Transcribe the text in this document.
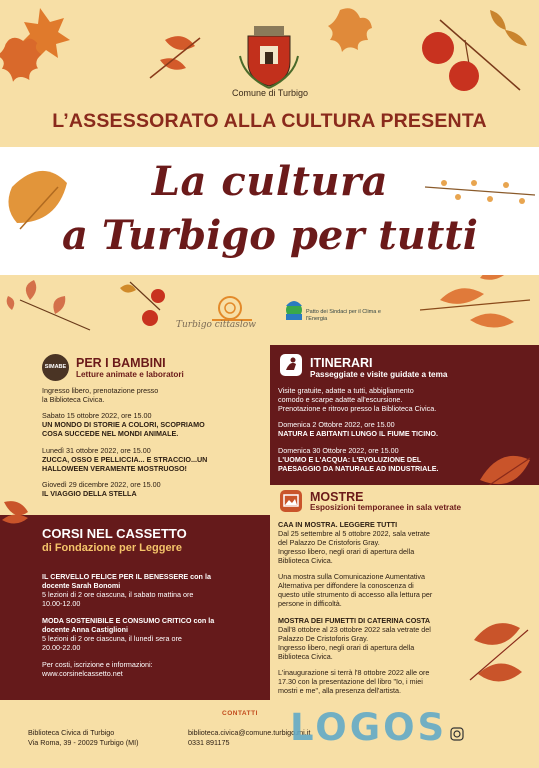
Comune di Turbigo
L’ASSESSORATO ALLA CULTURA PRESENTA
La cultura
a Turbigo per tutti
Turbigo cittaslow
Patto dei Sindaci per il Clima e l'Energia
SIMABE PER I BAMBINI
Letture animate e laboratori
Ingresso libero, prenotazione presso
la Biblioteca Civica.
Sabato 15 ottobre 2022, ore 15.00
UN MONDO DI STORIE A COLORI, SCOPRIAMO
COSA SUCCEDE NEL MONDI ANIMALE.
Lunedì 31 ottobre 2022, ore 15.00
ZUCCA, OSSO E PELLICCIA... E STRACCIO...UN
HALLOWEEN VERAMENTE MOSTRUOSO!
Giovedì 29 dicembre 2022, ore 15.00
IL VIAGGIO DELLA STELLA
CORSI NEL CASSETTO
di Fondazione per Leggere
IL CERVELLO FELICE PER IL BENESSERE con la
docente Sarah Bonomi
5 lezioni di 2 ore ciascuna, il sabato mattina ore
10.00-12.00
MODA SOSTENIBILE E CONSUMO CRITICO con la
docente Anna Castiglioni
5 lezioni di 2 ore ciascuna, il lunedì sera ore
20.00-22.00
Per costi, iscrizione e informazioni:
www.corsinelcassetto.net
ITINERARI
Passeggiate e visite guidate a tema
Visite gratuite, adatte a tutti, abbigliamento
comodo e scarpe adatte all'escursione.
Prenotazione e ritrovo presso la Biblioteca Civica.
Domenica 2 Ottobre 2022, ore 15.00
NATURA E ABITANTI LUNGO IL FIUME TICINO.
Domenica 30 Ottobre 2022, ore 15.00
L'UOMO E L'ACQUA: L'EVOLUZIONE DEL
PAESAGGIO DA NATURALE AD INDUSTRIALE.
MOSTRE
Esposizioni temporanee in sala vetrate
CAA IN MOSTRA. LEGGERE TUTTI
Dal 25 settembre al 5 ottobre 2022, sala vetrate
del Palazzo De Cristoforis Gray.
Ingresso libero, negli orari di apertura della
Biblioteca Civica.
Una mostra sulla Comunicazione Aumentativa
Alternativa per diffondere la conoscenza di
questo utile strumento di accesso alla lettura per
persone in difficoltà.
MOSTRA DEI FUMETTI DI CATERINA COSTA
Dall'8 ottobre al 23 ottobre 2022 sala vetrate del
Palazzo De Cristoforis Gray.
Ingresso libero, negli orari di apertura della
Biblioteca Civica.
L'inaugurazione si terrà l'8 ottobre 2022 alle ore
17.30 con la presentazione del libro "Io, i miei
mostri e me", alla presenza dell'artista.
CONTATTI
Biblioteca Civica di Turbigo
Via Roma, 39 - 20029 Turbigo (MI)
biblioteca.civica@comune.turbigo.mi.it
0331 891175 LOGOS
